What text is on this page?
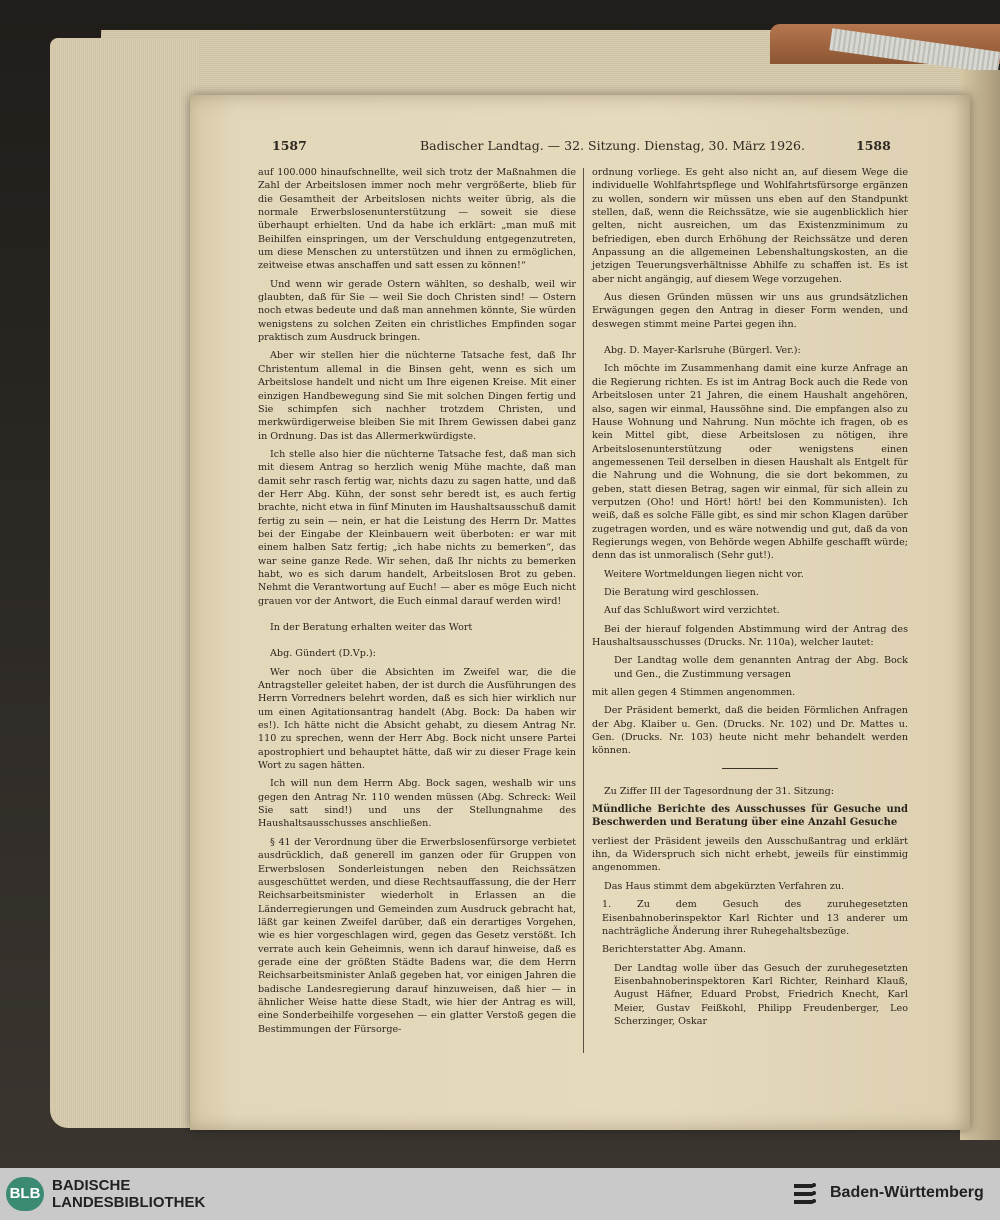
1587	Badischer Landtag. — 32. Sitzung. Dienstag, 30. März 1926.	1588

auf 100.000 hinaufschnellte, weil sich trotz der Maßnahmen die Zahl der Arbeitslosen immer noch mehr vergrößerte, blieb für die Gesamtheit der Arbeitslosen nichts weiter übrig, als die normale Erwerbslosenunterstützung — soweit sie diese überhaupt erhielten. Und da habe ich erklärt: „man muß mit Beihilfen einspringen, um der Verschuldung entgegenzutreten, um diese Menschen zu unterstützen und ihnen zu ermöglichen, zeitweise etwas anschaffen und satt essen zu können!“

Und wenn wir gerade Ostern wählten, so deshalb, weil wir glaubten, daß für Sie — weil Sie doch Christen sind! — Ostern noch etwas bedeute und daß man annehmen könnte, Sie würden wenigstens zu solchen Zeiten ein christliches Empfinden sogar praktisch zum Ausdruck bringen.

Aber wir stellen hier die nüchterne Tatsache fest, daß Ihr Christentum allemal in die Binsen geht, wenn es sich um Arbeitslose handelt und nicht um Ihre eigenen Kreise. Mit einer einzigen Handbewegung sind Sie mit solchen Dingen fertig und Sie schimpfen sich nachher trotzdem Christen, und merkwürdigerweise bleiben Sie mit Ihrem Gewissen dabei ganz in Ordnung. Das ist das Allermerkwürdigste.

Ich stelle also hier die nüchterne Tatsache fest, daß man sich mit diesem Antrag so herzlich wenig Mühe machte, daß man damit sehr rasch fertig war, nichts dazu zu sagen hatte, und daß der Herr Abg. Kühn, der sonst sehr beredt ist, es auch fertig brachte, nicht etwa in fünf Minuten im Haushaltsausschuß damit fertig zu sein — nein, er hat die Leistung des Herrn Dr. Mattes bei der Eingabe der Kleinbauern weit überboten: er war mit einem halben Satz fertig; „ich habe nichts zu bemerken“, das war seine ganze Rede. Wir sehen, daß Ihr nichts zu bemerken habt, wo es sich darum handelt, Arbeitslosen Brot zu geben. Nehmt die Verantwortung auf Euch! — aber es möge Euch nicht grauen vor der Antwort, die Euch einmal darauf werden wird!

In der Beratung erhalten weiter das Wort

Abg. Gündert (D.Vp.):

Wer noch über die Absichten im Zweifel war, die die Antragsteller geleitet haben, der ist durch die Ausführungen des Herrn Vorredners belehrt worden, daß es sich hier wirklich nur um einen Agitationsantrag handelt (Abg. Bock: Da haben wir es!). Ich hätte nicht die Absicht gehabt, zu diesem Antrag Nr. 110 zu sprechen, wenn der Herr Abg. Bock nicht unsere Partei apostrophiert und behauptet hätte, daß wir zu dieser Frage kein Wort zu sagen hätten.

Ich will nun dem Herrn Abg. Bock sagen, weshalb wir uns gegen den Antrag Nr. 110 wenden müssen (Abg. Schreck: Weil Sie satt sind!) und uns der Stellungnahme des Haushaltsausschusses anschließen.

§ 41 der Verordnung über die Erwerbslosenfürsorge verbietet ausdrücklich, daß generell im ganzen oder für Gruppen von Erwerbslosen Sonderleistungen neben den Reichssätzen ausgeschüttet werden, und diese Rechtsauffassung, die der Herr Reichsarbeitsminister wiederholt in Erlassen an die Länderregierungen und Gemeinden zum Ausdruck gebracht hat, läßt gar keinen Zweifel darüber, daß ein derartiges Vorgehen, wie es hier vorgeschlagen wird, gegen das Gesetz verstößt. Ich verrate auch kein Geheimnis, wenn ich darauf hinweise, daß es gerade eine der größten Städte Badens war, die dem Herrn Reichsarbeitsminister Anlaß gegeben hat, vor einigen Jahren die badische Landesregierung darauf hinzuweisen, daß hier — in ähnlicher Weise hatte diese Stadt, wie hier der Antrag es will, eine Sonderbeihilfe vorgesehen — ein glatter Verstoß gegen die Bestimmungen der Fürsorge-

ordnung vorliege. Es geht also nicht an, auf diesem Wege die individuelle Wohlfahrtspflege und Wohlfahrtsfürsorge ergänzen zu wollen, sondern wir müssen uns eben auf den Standpunkt stellen, daß, wenn die Reichssätze, wie sie augenblicklich hier gelten, nicht ausreichen, um das Existenzminimum zu befriedigen, eben durch Erhöhung der Reichssätze und deren Anpassung an die allgemeinen Lebenshaltungskosten, an die jetzigen Teuerungsverhältnisse Abhilfe zu schaffen ist. Es ist aber nicht angängig, auf diesem Wege vorzugehen.

Aus diesen Gründen müssen wir uns aus grundsätzlichen Erwägungen gegen den Antrag in dieser Form wenden, und deswegen stimmt meine Partei gegen ihn.

Abg. D. Mayer-Karlsruhe (Bürgerl. Ver.):

Ich möchte im Zusammenhang damit eine kurze Anfrage an die Regierung richten. Es ist im Antrag Bock auch die Rede von Arbeitslosen unter 21 Jahren, die einem Haushalt angehören, also, sagen wir einmal, Haussöhne sind. Die empfangen also zu Hause Wohnung und Nahrung. Nun möchte ich fragen, ob es kein Mittel gibt, diese Arbeitslosen zu nötigen, ihre Arbeitslosenunterstützung oder wenigstens einen angemessenen Teil derselben in diesen Haushalt als Entgelt für die Nahrung und die Wohnung, die sie dort bekommen, zu geben, statt diesen Betrag, sagen wir einmal, für sich allein zu verputzen (Oho! und Hört! hört! bei den Kommunisten). Ich weiß, daß es solche Fälle gibt, es sind mir schon Klagen darüber zugetragen worden, und es wäre notwendig und gut, daß da von Regierungs wegen, von Behörde wegen Abhilfe geschafft würde; denn das ist unmoralisch (Sehr gut!).

Weitere Wortmeldungen liegen nicht vor.

Die Beratung wird geschlossen.

Auf das Schlußwort wird verzichtet.

Bei der hierauf folgenden Abstimmung wird der Antrag des Haushaltsausschusses (Drucks. Nr. 110a), welcher lautet:

Der Landtag wolle dem genannten Antrag der Abg. Bock und Gen., die Zustimmung versagen

mit allen gegen 4 Stimmen angenommen.

Der Präsident bemerkt, daß die beiden Förmlichen Anfragen der Abg. Klaiber u. Gen. (Drucks. Nr. 102) und Dr. Mattes u. Gen. (Drucks. Nr. 103) heute nicht mehr behandelt werden können.

Zu Ziffer III der Tagesordnung der 31. Sitzung:

Mündliche Berichte des Ausschusses für Gesuche und Beschwerden und Beratung über eine Anzahl Gesuche

verliest der Präsident jeweils den Ausschußantrag und erklärt ihn, da Widerspruch sich nicht erhebt, jeweils für einstimmig angenommen.

Das Haus stimmt dem abgekürzten Verfahren zu.

1. Zu dem Gesuch des zuruhegesetzten Eisenbahnoberinspektor Karl Richter und 13 anderer um nachträgliche Änderung ihrer Ruhegehaltsbezüge.

Berichterstatter Abg. Amann.

Der Landtag wolle über das Gesuch der zuruhegesetzten Eisenbahnoberinspektoren Karl Richter, Reinhard Klauß, August Häfner, Eduard Probst, Friedrich Knecht, Karl Meier, Gustav Feißkohl, Philipp Freudenberger, Leo Scherzinger, Oskar

BLB BADISCHE
LANDESBIBLIOTHEK
Baden-Württemberg
